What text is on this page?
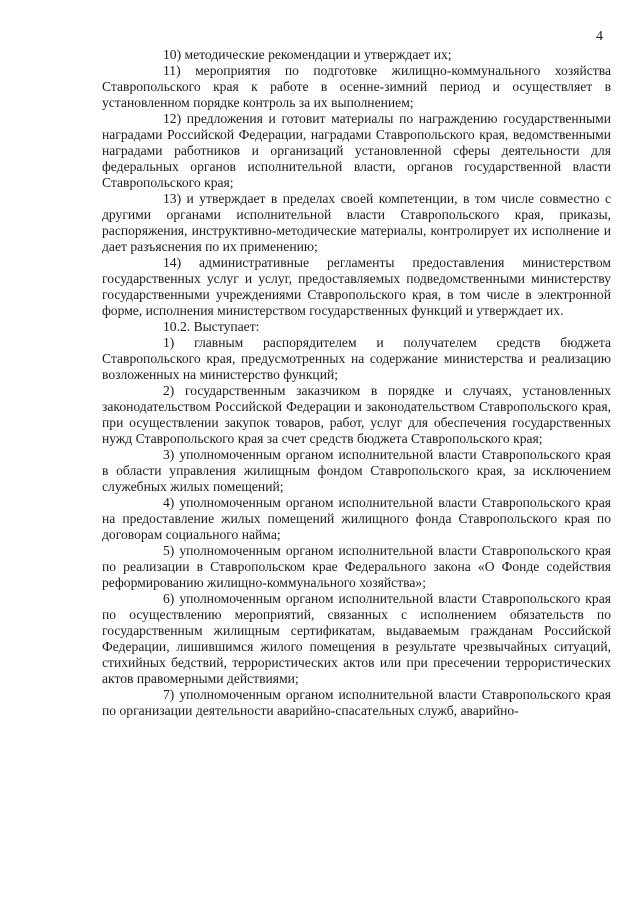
4

10) методические рекомендации и утверждает их;

11) мероприятия по подготовке жилищно-коммунального хозяйства Ставропольского края к работе в осенне-зимний период и осуществляет в установленном порядке контроль за их выполнением;

12) предложения и готовит материалы по награждению государственными наградами Российской Федерации, наградами Ставропольского края, ведомственными наградами работников и организаций установленной сферы деятельности для федеральных органов исполнительной власти, органов государственной власти Ставропольского края;

13) и утверждает в пределах своей компетенции, в том числе совместно с другими органами исполнительной власти Ставропольского края, приказы, распоряжения, инструктивно-методические материалы, контролирует их исполнение и дает разъяснения по их применению;

14) административные регламенты предоставления министерством государственных услуг и услуг, предоставляемых подведомственными министерству государственными учреждениями Ставропольского края, в том числе в электронной форме, исполнения министерством государственных функций и утверждает их.

10.2. Выступает:

1) главным распорядителем и получателем средств бюджета Ставропольского края, предусмотренных на содержание министерства и реализацию возложенных на министерство функций;

2) государственным заказчиком в порядке и случаях, установленных законодательством Российской Федерации и законодательством Ставропольского края, при осуществлении закупок товаров, работ, услуг для обеспечения государственных нужд Ставропольского края за счет средств бюджета Ставропольского края;

3) уполномоченным органом исполнительной власти Ставропольского края в области управления жилищным фондом Ставропольского края, за исключением служебных жилых помещений;

4) уполномоченным органом исполнительной власти Ставропольского края на предоставление жилых помещений жилищного фонда Ставропольского края по договорам социального найма;

5) уполномоченным органом исполнительной власти Ставропольского края по реализации в Ставропольском крае Федерального закона «О Фонде содействия реформированию жилищно-коммунального хозяйства»;

6) уполномоченным органом исполнительной власти Ставропольского края по осуществлению мероприятий, связанных с исполнением обязательств по государственным жилищным сертификатам, выдаваемым гражданам Российской Федерации, лишившимся жилого помещения в результате чрезвычайных ситуаций, стихийных бедствий, террористических актов или при пресечении террористических актов правомерными действиями;

7) уполномоченным органом исполнительной власти Ставропольского края по организации деятельности аварийно-спасательных служб, аварийно-
